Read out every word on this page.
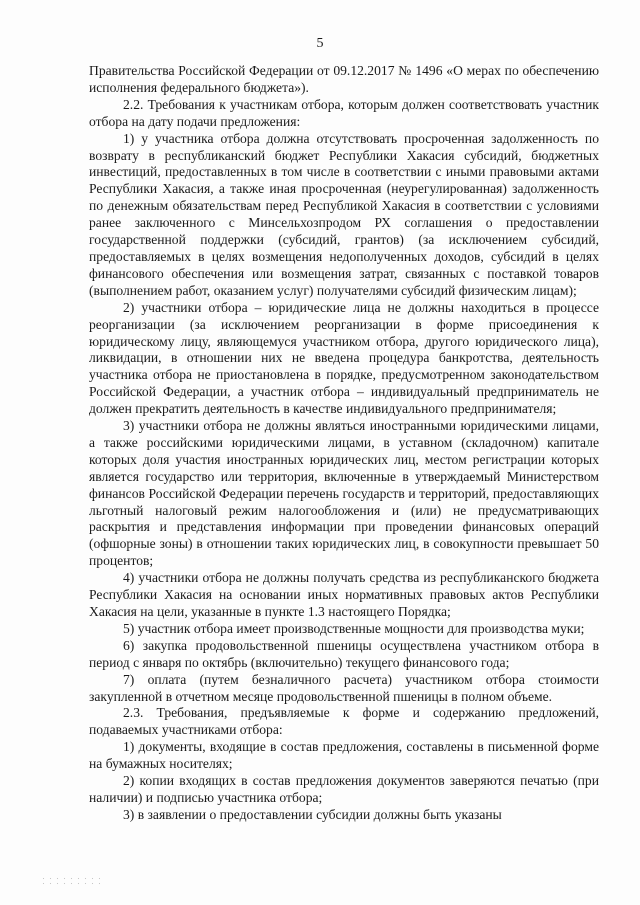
5

Правительства Российской Федерации от 09.12.2017 № 1496 «О мерах по обеспечению исполнения федерального бюджета»).

2.2. Требования к участникам отбора, которым должен соответствовать участник отбора на дату подачи предложения:

1) у участника отбора должна отсутствовать просроченная задолженность по возврату в республиканский бюджет Республики Хакасия субсидий, бюджетных инвестиций, предоставленных в том числе в соответствии с иными правовыми актами Республики Хакасия, а также иная просроченная (неурегулированная) задолженность по денежным обязательствам перед Республикой Хакасия в соответствии с условиями ранее заключенного с Минсельхозпродом РХ соглашения о предоставлении государственной поддержки (субсидий, грантов) (за исключением субсидий, предоставляемых в целях возмещения недополученных доходов, субсидий в целях финансового обеспечения или возмещения затрат, связанных с поставкой товаров (выполнением работ, оказанием услуг) получателями субсидий физическим лицам);

2) участники отбора – юридические лица не должны находиться в процессе реорганизации (за исключением реорганизации в форме присоединения к юридическому лицу, являющемуся участником отбора, другого юридического лица), ликвидации, в отношении них не введена процедура банкротства, деятельность участника отбора не приостановлена в порядке, предусмотренном законодательством Российской Федерации, а участник отбора – индивидуальный предприниматель не должен прекратить деятельность в качестве индивидуального предпринимателя;

3) участники отбора не должны являться иностранными юридическими лицами, а также российскими юридическими лицами, в уставном (складочном) капитале которых доля участия иностранных юридических лиц, местом регистрации которых является государство или территория, включенные в утверждаемый Министерством финансов Российской Федерации перечень государств и территорий, предоставляющих льготный налоговый режим налогообложения и (или) не предусматривающих раскрытия и представления информации при проведении финансовых операций (офшорные зоны) в отношении таких юридических лиц, в совокупности превышает 50 процентов;

4) участники отбора не должны получать средства из республиканского бюджета Республики Хакасия на основании иных нормативных правовых актов Республики Хакасия на цели, указанные в пункте 1.3 настоящего Порядка;

5) участник отбора имеет производственные мощности для производства муки;

6) закупка продовольственной пшеницы осуществлена участником отбора в период с января по октябрь (включительно) текущего финансового года;

7) оплата (путем безналичного расчета) участником отбора стоимости закупленной в отчетном месяце продовольственной пшеницы в полном объеме.

2.3. Требования, предъявляемые к форме и содержанию предложений, подаваемых участниками отбора:

1) документы, входящие в состав предложения, составлены в письменной форме на бумажных носителях;

2) копии входящих в состав предложения документов заверяются печатью (при наличии) и подписью участника отбора;

3) в заявлении о предоставлении субсидии должны быть указаны
